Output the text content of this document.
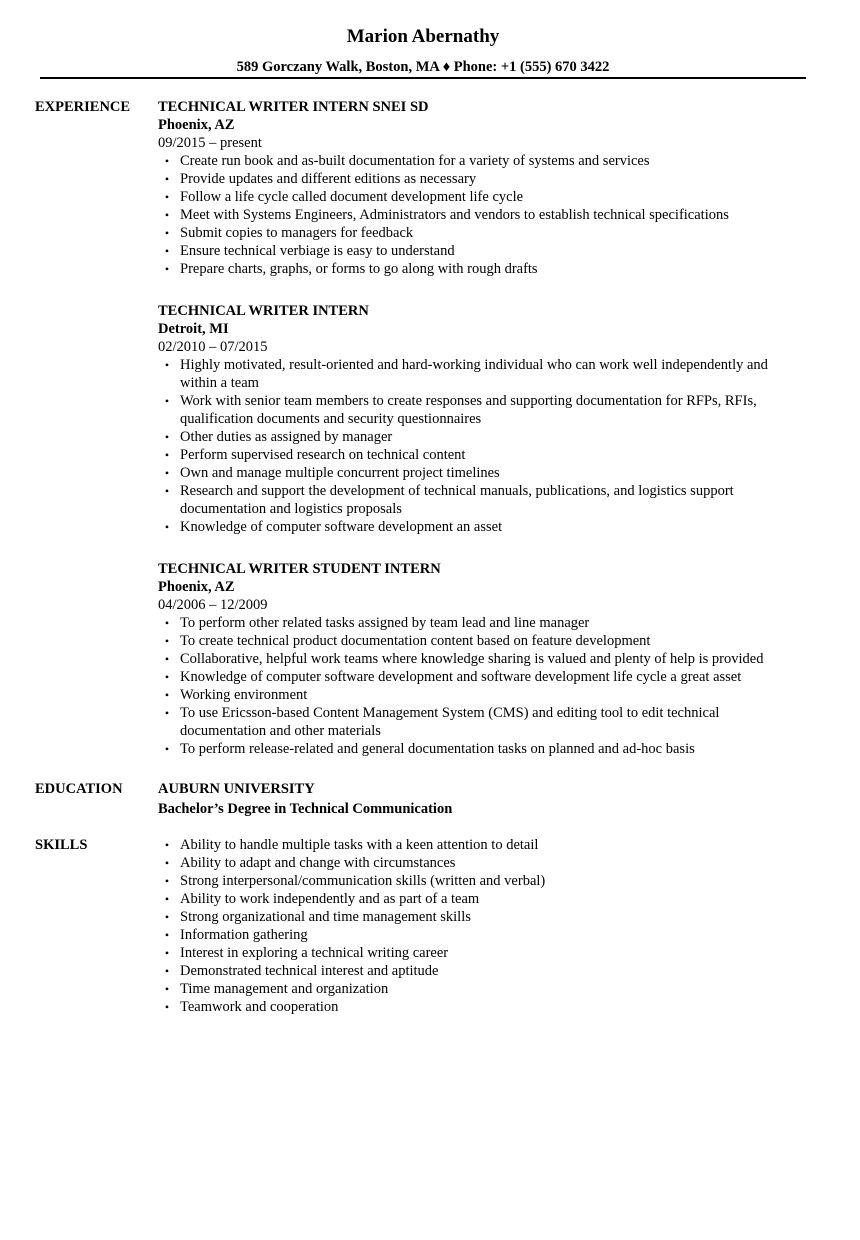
Marion Abernathy
589 Gorczany Walk, Boston, MA ♦ Phone: +1 (555) 670 3422
EXPERIENCE TECHNICAL WRITER INTERN SNEI SD
Phoenix, AZ
09/2015 – present
• Create run book and as-built documentation for a variety of systems and services
• Provide updates and different editions as necessary
• Follow a life cycle called document development life cycle
• Meet with Systems Engineers, Administrators and vendors to establish technical specifications
• Submit copies to managers for feedback
• Ensure technical verbiage is easy to understand
• Prepare charts, graphs, or forms to go along with rough drafts
TECHNICAL WRITER INTERN
Detroit, MI
02/2010 – 07/2015
• Highly motivated, result-oriented and hard-working individual who can work well independently and within a team
• Work with senior team members to create responses and supporting documentation for RFPs, RFIs, qualification documents and security questionnaires
• Other duties as assigned by manager
• Perform supervised research on technical content
• Own and manage multiple concurrent project timelines
• Research and support the development of technical manuals, publications, and logistics support documentation and logistics proposals
• Knowledge of computer software development an asset
TECHNICAL WRITER STUDENT INTERN
Phoenix, AZ
04/2006 – 12/2009
• To perform other related tasks assigned by team lead and line manager
• To create technical product documentation content based on feature development
• Collaborative, helpful work teams where knowledge sharing is valued and plenty of help is provided
• Knowledge of computer software development and software development life cycle a great asset
• Working environment
• To use Ericsson-based Content Management System (CMS) and editing tool to edit technical documentation and other materials
• To perform release-related and general documentation tasks on planned and ad-hoc basis
EDUCATION AUBURN UNIVERSITY
Bachelor’s Degree in Technical Communication
SKILLS	• Ability to handle multiple tasks with a keen attention to detail
• Ability to adapt and change with circumstances
• Strong interpersonal/communication skills (written and verbal)
• Ability to work independently and as part of a team
• Strong organizational and time management skills
• Information gathering
• Interest in exploring a technical writing career
• Demonstrated technical interest and aptitude
• Time management and organization
• Teamwork and cooperation
